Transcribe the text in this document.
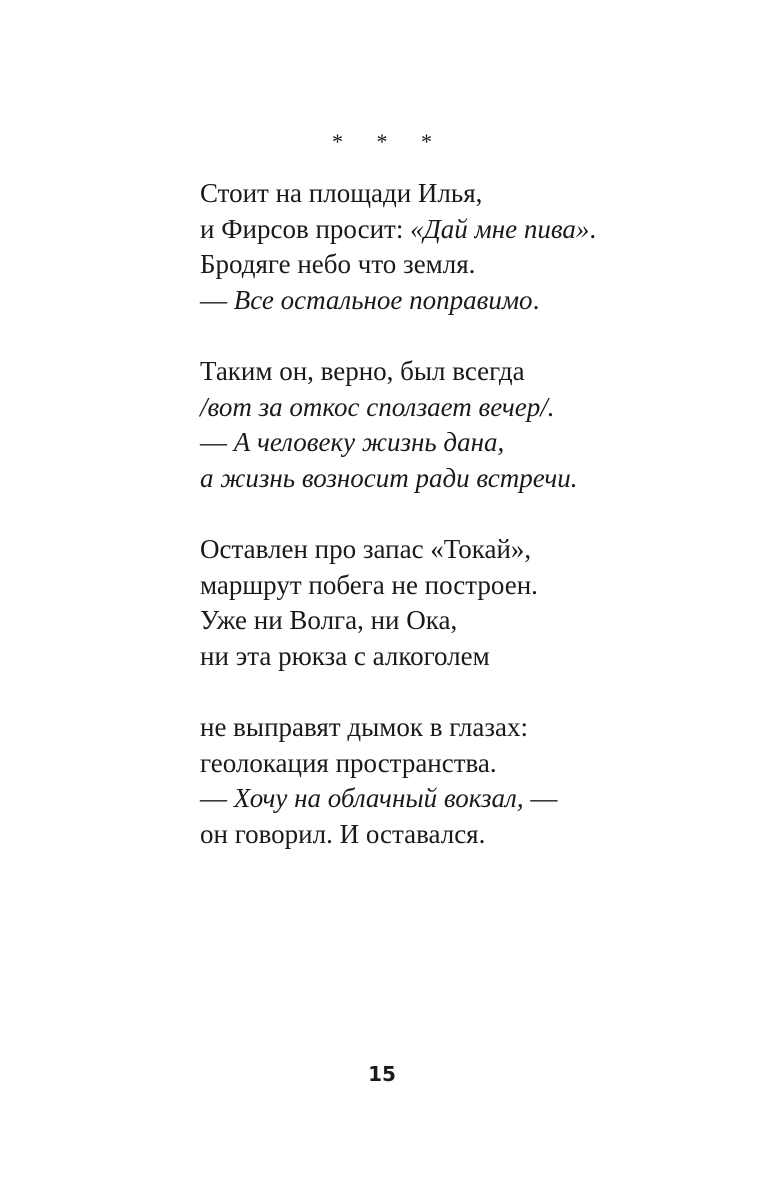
* * *
Стоит на площади Илья,
и Фирсов просит: «Дай мне пива».
Бродяге небо что земля.
— Все остальное поправимо.
Таким он, верно, был всегда
/вот за откос сползает вечер/.
— А человеку жизнь дана,
а жизнь возносит ради встречи.
Оставлен про запас «Токай»,
маршрут побега не построен.
Уже ни Волга, ни Ока,
ни эта рюкза с алкоголем
не выправят дымок в глазах:
геолокация пространства.
— Хочу на облачный вокзал, —
он говорил. И оставался.
15
